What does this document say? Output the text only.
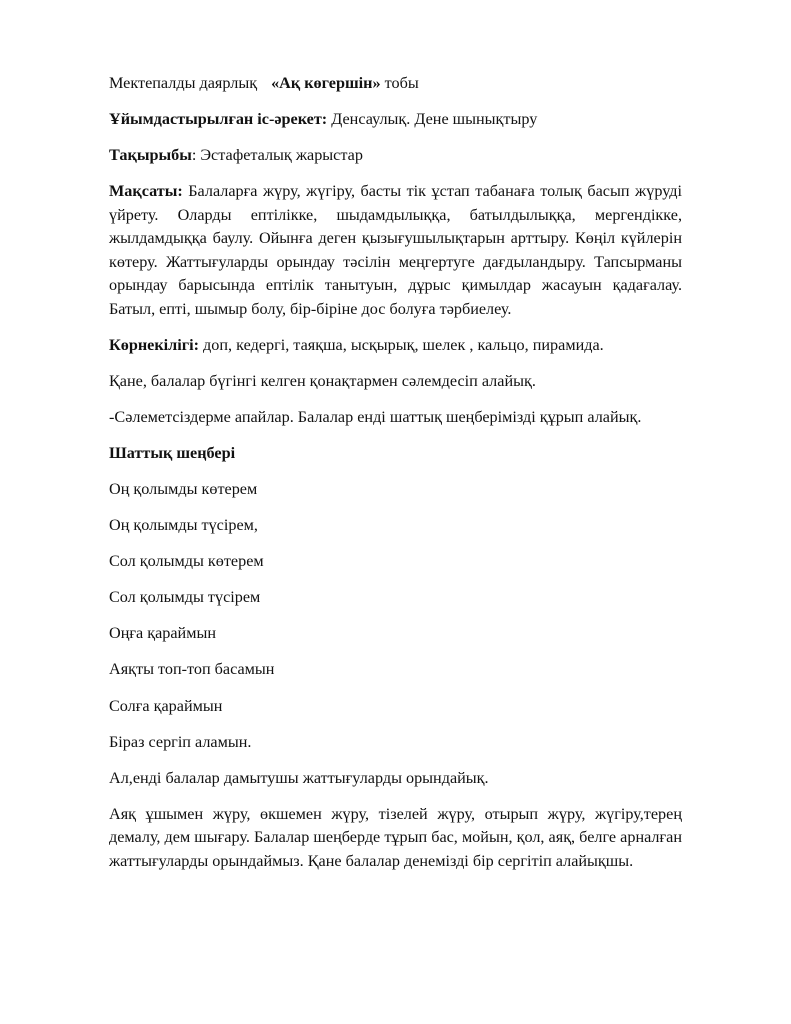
Мектепалды даярлық «Ақ көгершін» тобы

Ұйымдастырылған іс-әрекет: Денсаулық. Дене шынықтыру

Тақырыбы: Эстафеталық жарыстар

Мақсаты: Балаларға жүру, жүгіру, басты тік ұстап табанаға толық басып жүруді үйрету. Оларды ептілікке, шыдамдылыққа, батылдылыққа, мергендікке, жылдамдыққа баулу. Ойынға деген қызығушылықтарын арттыру. Көңіл күйлерін көтеру. Жаттығуларды орындау тәсілін меңгертуге дағдыландыру. Тапсырманы орындау барысында ептілік танытуын, дұрыс қимылдар жасауын қадағалау. Батыл, епті, шымыр болу, бір-біріне дос болуға тәрбиелеу.

Көрнекілігі: доп, кедергі, таяқша, ысқырық, шелек , кальцо, пирамида.

Қане, балалар бүгінгі келген қонақтармен сәлемдесіп алайық.

-Сәлеметсіздерме апайлар. Балалар енді шаттық шеңберімізді құрып алайық.

Шаттық шеңбері

Оң қолымды көтерем

Оң қолымды түсірем,

Сол қолымды көтерем

Сол қолымды түсірем

Оңға қараймын

Аяқты топ-топ басамын

Солға қараймын

Біраз сергіп аламын.

Ал,енді балалар дамытушы жаттығуларды орындайық.

Аяқ ұшымен жүру, өкшемен жүру, тізелей жүру, отырып жүру, жүгіру,терең демалу, дем шығару. Балалар шеңберде тұрып бас, мойын, қол, аяқ, белге арналған жаттығуларды орындаймыз. Қане балалар денемізді бір сергітіп алайықшы.
